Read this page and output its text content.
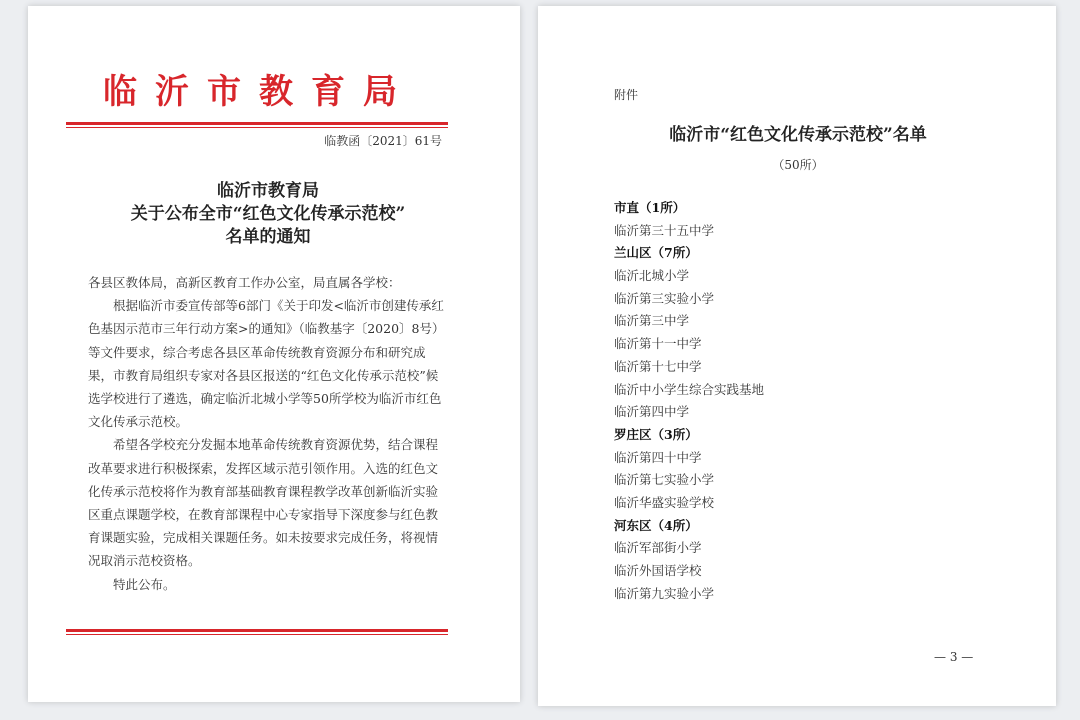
临沂市教育局
临教函〔2021〕61号
临沂市教育局
关于公布全市“红色文化传承示范校”
名单的通知

各县区教体局，高新区教育工作办公室，局直属各学校：

根据临沂市委宣传部等6部门《关于印发<临沂市创建传承红色基因示范市三年行动方案>的通知》（临教基字〔2020〕8号）等文件要求，综合考虑各县区革命传统教育资源分布和研究成果，市教育局组织专家对各县区报送的“红色文化传承示范校”候选学校进行了遴选，确定临沂北城小学等50所学校为临沂市红色文化传承示范校。

希望各学校充分发掘本地革命传统教育资源优势，结合课程改革要求进行积极探索，发挥区域示范引领作用。入选的红色文化传承示范校将作为教育部基础教育课程教学改革创新临沂实验区重点课题学校，在教育部课程中心专家指导下深度参与红色教育课题实验，完成相关课题任务。如未按要求完成任务，将视情况取消示范校资格。

特此公布。

附件
临沂市“红色文化传承示范校”名单
（50所）
市直（1所）
临沂第三十五中学
兰山区（7所）
临沂北城小学
临沂第三实验小学
临沂第三中学
临沂第十一中学
临沂第十七中学
临沂中小学生综合实践基地
临沂第四中学
罗庄区（3所）
临沂第四十中学
临沂第七实验小学
临沂华盛实验学校
河东区（4所）
临沂军部街小学
临沂外国语学校
临沂第九实验小学
— 3 —
